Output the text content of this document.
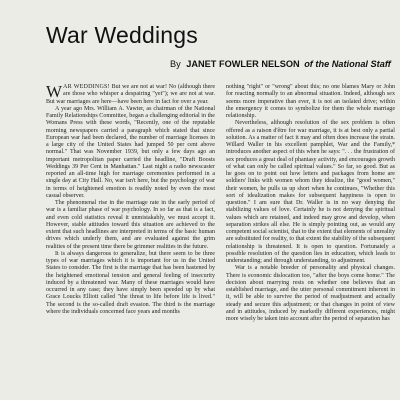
War Weddings
By JANET FOWLER NELSON of the National Staff

WAR WEDDINGS! But we are not at war! No (although there are those who whisper a despairing "yet"); we are not at war. But war marriages are here—have been here in fact for over a year.

A year ago Mrs. William A. Vawter, as chairman of the National Family Relationships Committee, began a challenging editorial in the Womans Press with these words, "Recently, one of the reputable morning newspapers carried a paragraph which stated that since European war had been declared, the number of marriage licenses in a large city of the United States had jumped 50 per cent above normal." That was November 1939, but only a few days ago an important metropolitan paper carried the headline, "Draft Boosts Weddings 39 Per Cent in Manhattan." Last night a radio newscaster reported an all-time high for marriage ceremonies performed in a single day at City Hall. No, war isn't here, but the psychology of war in terms of heightened emotion is readily noted by even the most casual observer.

The phenomenal rise in the marriage rate in the early period of war is a familiar phase of war psychology. In so far as that is a fact, and even cold statistics reveal it unmistakably, we must accept it. However, stable attitudes toward this situation are achieved to the extent that such headlines are interpreted in terms of the basic human drives which underly them, and are evaluated against the grim realities of the present time there be grimmer realities in the future.

It is always dangerous to generalize, but there seem to be three types of war marriages which it is important for us in the United States to consider. The first is the marriage that has been hastened by the heightened emotional tension and general feeling of insecurity induced by a threatened war. Many of these marriages would have occurred in any case; they have simply been speeded up by what Grace Loucks Elliott called "the threat to life before life is lived." The second is the so-called draft evasion. The third is the marriage where the individuals concerned face years and months

nothing "right" or "wrong" about this; no one blames Mary or John for reacting normally to an abnormal situation. Indeed, although sex seems more imperative than ever, it is not an isolated drive; within the emergency it comes to symbolize for them the whole marriage relationship.

Nevertheless, although resolution of the sex problem is often offered as a raison d'être for war marriage, it is at best only a partial solution. As a matter of fact it may and often does increase the strain. Willard Waller in his excellent pamphlet, War and the Family,* introduces another aspect of this when he says: ". . . the frustration of sex produces a great deal of phantasy activity, and encourages growth of what can only be called spiritual values." So far, so good. But as he goes on to point out how letters and packages from home are soldiers' links with women whom they idealize, the "good women," their women, he pulls us up short when he continues, "Whether this sort of idealization makes for subsequent happiness is open to question." I am sure that Dr. Waller is in no way denying the stabilizing values of love. Certainly he is not denying the spiritual values which are retained, and indeed may grow and develop, when separation strikes all else. He is simply pointing out, as would any competent social scientist, that to the extent that elements of unreality are substituted for reality, to that extent the stability of the subsequent relationship is threatened. It is open to question. Fortunately a possible resolution of the question lies in education, which leads to understanding; and through understanding, to adjustment.

War is a notable breeder of personality and physical changes. There is economic dislocation too, "after the boys come home." The decision about marrying rests on whether one believes that an established marriage, and the utter personal commitment inherent in it, will be able to survive the period of readjustment and actually steady and secure this adjustment; or that changes in point of view and in attitudes, induced by markedly different experiences, might more wisely be taken into account after the period of separation has
